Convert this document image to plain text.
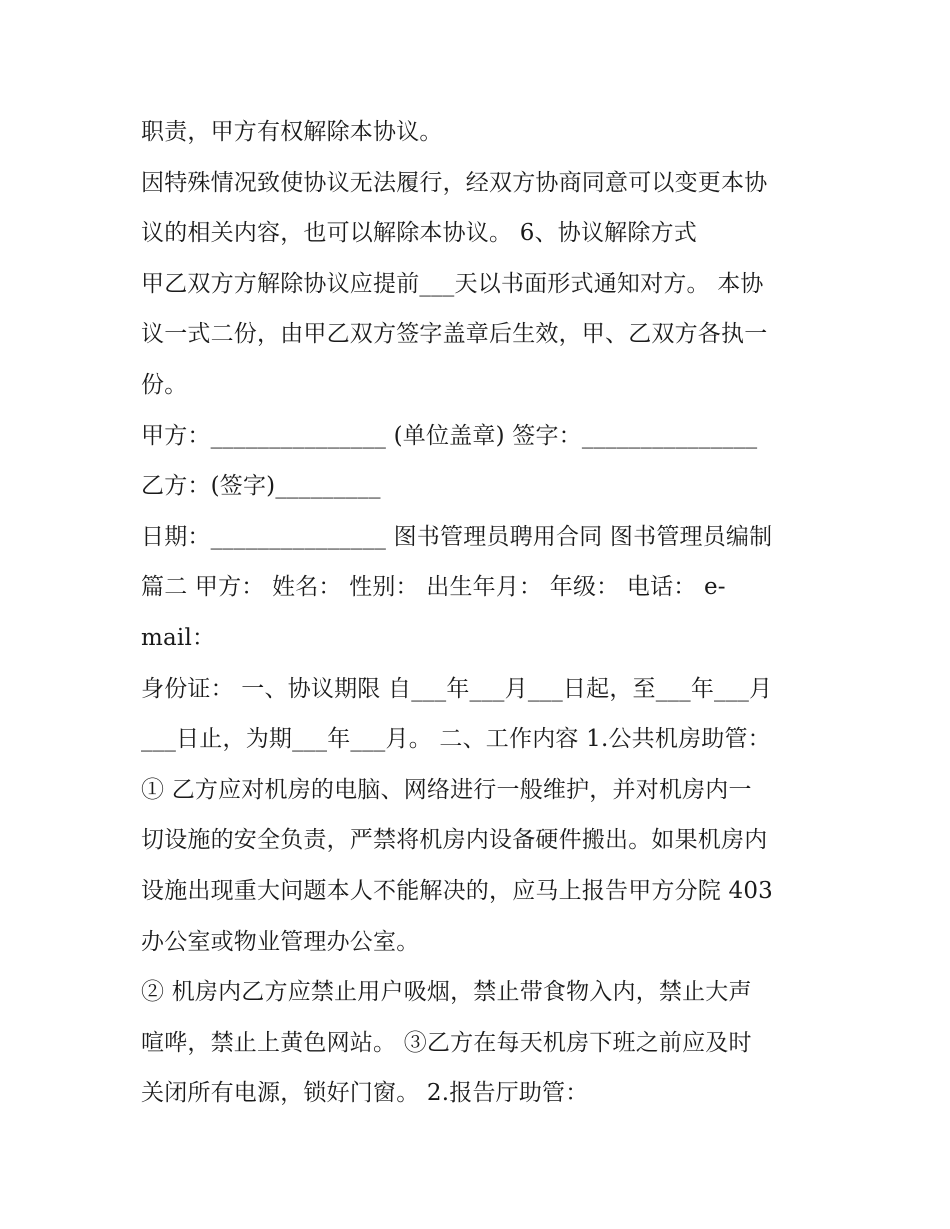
职责，甲方有权解除本协议。
因特殊情况致使协议无法履行，经双方协商同意可以变更本协
议的相关内容，也可以解除本协议。 6、协议解除方式
甲乙双方方解除协议应提前___天以书面形式通知对方。 本协
议一式二份，由甲乙双方签字盖章后生效，甲、乙双方各执一
份。
甲方：_______________ (单位盖章) 签字：_______________
乙方：(签字)_________
日期：_______________ 图书管理员聘用合同 图书管理员编制
篇二 甲方： 姓名： 性别： 出生年月： 年级： 电话： e-
mail：
身份证： 一、协议期限 自___年___月___日起，至___年___月
___日止，为期___年___月。 二、工作内容 1.公共机房助管：
① 乙方应对机房的电脑、网络进行一般维护，并对机房内一
切设施的安全负责，严禁将机房内设备硬件搬出。如果机房内
设施出现重大问题本人不能解决的，应马上报告甲方分院 403
办公室或物业管理办公室。
② 机房内乙方应禁止用户吸烟，禁止带食物入内，禁止大声
喧哗，禁止上黄色网站。 ③乙方在每天机房下班之前应及时
关闭所有电源，锁好门窗。 2.报告厅助管：
